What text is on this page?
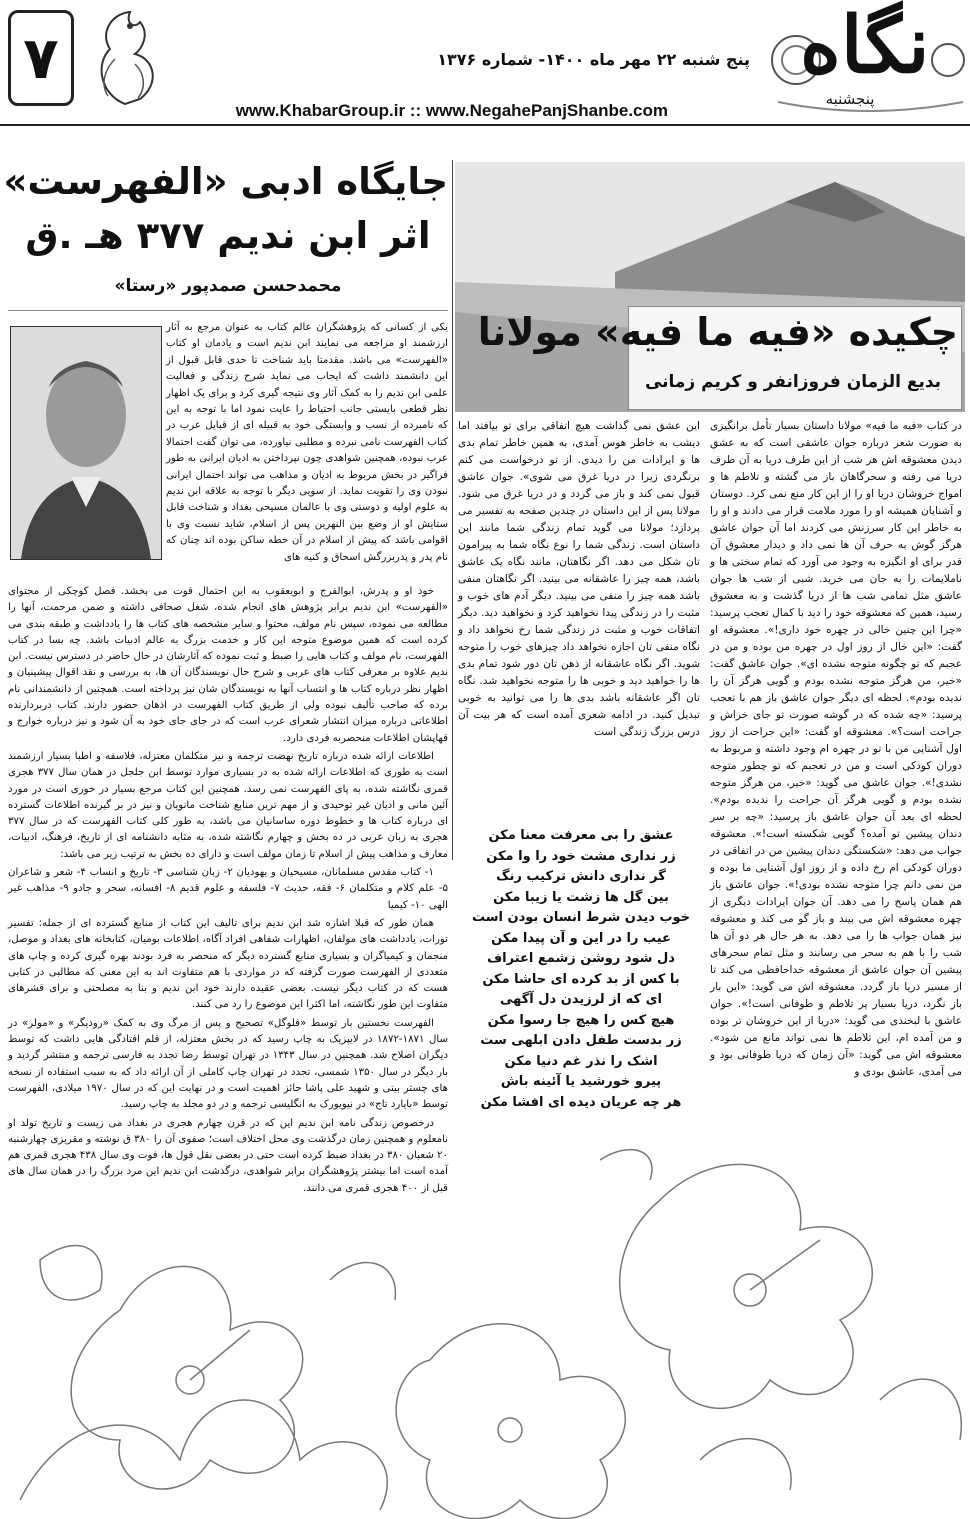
۷	پنج شنبه ۲۲ مهر ماه ۱۴۰۰- شماره ۱۳۷۶
www.KhabarGroup.ir :: www.NegahePanjShanbe.com
نگاه
پنجشنبه
چکیده «فیه ما فیه» مولانا
بدیع الزمان فروزانفر و کریم زمانی
در کتاب «فیه ما فیه» مولانا داستان بسیار تأمل برانگیزی به صورت شعر درباره جوان عاشقی است که به عشق دیدن معشوقه اش هر شب از این طرف دریا به آن طرف دریا می رفته و سحرگاهان باز می گشته و تلاطم ها و امواج خروشان دریا او را از این کار منع نمی کرد. دوستان و آشنایان همیشه او را مورد ملامت قرار می دادند و او را به خاطر این کار سرزنش می کردند اما آن جوان عاشق هرگز گوش به حرف آن ها نمی داد و دیدار معشوق آن قدر برای او انگیزه به وجود می آورد که تمام سختی ها و ناملایمات را به جان می خرید. شبی از شب ها جوان عاشق مثل تمامی شب ها از دریا گذشت و به معشوق رسید، همین که معشوقه خود را دید با کمال تعجب پرسید: «چرا این چنین خالی در چهره خود داری!». معشوقه او گفت: «این خال از روز اول در چهره من بوده و من در عجبم که تو چگونه متوجه نشده ای». جوان عاشق گفت: «خیر، من هرگز متوجه نشده بودم و گویی هرگز آن را ندیده بودم». لحظه ای دیگر جوان عاشق باز هم با تعجب پرسید: «چه شده که در گوشه صورت تو جای خراش و جراحت است؟». معشوقه او گفت: «این جراحت از روز اول آشنایی من با تو در چهره ام وجود داشته و مربوط به دوران کودکی است و من در تعجبم که تو چطور متوجه نشدی!». جوان عاشق می گوید: «خیر، من هرگز متوجه نشده بودم و گویی هرگز آن جراحت را ندیده بودم». لحظه ای بعد آن جوان عاشق باز پرسید: «چه بر سر دندان پیشین تو آمده؟ گویی شکسته است!». معشوقه جواب می دهد: «شکستگی دندان پیشین من در اتفاقی در دوران کودکی ام رخ داده و از روز اول آشنایی ما بوده و من نمی دانم چرا متوجه نشده بودی!». جوان عاشق باز هم همان پاسخ را می دهد. آن جوان ایرادات دیگری از چهره معشوقه اش می بیند و باز گو می کند و معشوقه نیز همان جواب ها را می دهد. به هر حال هر دو آن ها شب را با هم به سحر می رسانند و مثل تمام سحرهای پیشین آن جوان عاشق از معشوقه خداحافظی می کند تا از مسیر دریا باز گردد. معشوقه اش می گوید: «این بار باز نگرد، دریا بسیار پر تلاطم و طوفانی است!». جوان عاشق با لبخندی می گوید: «دریا از این خروشان تر بوده و من آمده ام، این تلاطم ها نمی تواند مانع من شود». معشوقه اش می گوید: «آن زمان که دریا طوفانی بود و می آمدی، عاشق بودی و
این عشق نمی گذاشت هیچ اتفاقی برای تو بیافتد اما دیشب به خاطر هوس آمدی، به همین خاطر تمام بدی ها و ایرادات من را دیدی. از تو درخواست می کنم برنگردی زیرا در دریا غرق می شوی». جوان عاشق قبول نمی کند و باز می گردد و در دریا غرق می شود. مولانا پس از این داستان در چندین صفحه به تفسیر می پردازد؛ مولانا می گوید تمام زندگی شما مانند این داستان است. زندگی شما را نوع نگاه شما به پیرامون تان شکل می دهد. اگر نگاهتان، مانند نگاه یک عاشق باشد، همه چیز را عاشقانه می بینید. اگر نگاهتان منفی باشد همه چیز را منفی می بینید. دیگر آدم های خوب و مثبت را در زندگی پیدا نخواهید کرد و نخواهید دید. دیگر اتفاقات خوب و مثبت در زندگی شما رخ نخواهد داد و نگاه منفی تان اجازه نخواهد داد چیزهای خوب را متوجه شوید. اگر نگاه عاشقانه از ذهن تان دور شود تمام بدی ها را خواهید دید و خوبی ها را متوجه نخواهید شد. نگاه تان اگر عاشقانه باشد بدی ها را می توانید به خوبی تبدیل کنید. در ادامه شعری آمده است که هر بیت آن درس بزرگ زندگی است
عشق را بی معرفت معنا مکن
زر نداری مشت خود را وا مکن
گر نداری دانش ترکیب رنگ
بین گل ها زشت یا زیبا مکن
خوب دیدن شرط انسان بودن است
عیب را در این و آن پیدا مکن
دل شود روشن زشمع اعتراف
با کس از بد کرده ای حاشا مکن
ای که از لرزیدن دل آگهی
هیچ کس را هیچ جا رسوا مکن
زر بدست طفل دادن ابلهی ست
اشک را نذر غم دنیا مکن
پیرو خورشید یا آئینه باش
هر چه عریان دیده ای افشا مکن
جایگاه ادبی «الفهرست»
اثر ابن ندیم ۳۷۷ هـ .ق
محمدحسن صمدپور «رستا»
یکی از کسانی که پژوهشگران عالم کتاب به عنوان مرجع به آثار ارزشمند او مراجعه می نمایند ابن ندیم است و یادمان او کتاب «الفهرست» می باشد. مقدمتا باید شناخت تا حدی قابل قبول از این دانشمند داشت که ایجاب می نماید شرح زندگی و فعالیت علمی ابن ندیم را به کمک آثار وی نتیجه گیری کرد و برای یک اظهار نظر قطعی بایستی جانب احتیاط را عایت نمود اما با توجه به این که نامبرده از نسب و وابستگی خود به قبیله ای از قبایل عرب در کتاب الفهرست نامی نبرده و مطلبی نیاورده، می توان گفت احتمالا عرب نبوده، همچنین شواهدی چون نپرداختن به ادیان ایرانی به طور فراگیر در بخش مربوط به ادیان و مذاهب می تواند احتمال ایرانی نبودن وی را تقویت نماید. از سویی دیگر با توجه به علاقه ابن ندیم به علوم اولیه و دوستی وی با عالمان مسیحی بغداد و شناخت قابل ستایش او از وضع بین النهرین پس از اسلام، شاید نسبت وی با اقوامی باشد که پیش از اسلام در آن خطه ساکن بوده اند چنان که نام پدر و پدربزرگش اسحاق و کنیه های

خود او و پدرش، ابوالفرج و ابویعقوب به این احتمال قوت می بخشد. فصل کوچکی از محتوای «الفهرست» ابن ندیم برابر پژوهش های انجام شده، شغل صحافی داشته و ضمن مرحمت، آنها را مطالعه می نموده، سپس نام مولف، محتوا و سایر مشخصه های کتاب ها را یادداشت و طبقه بندی می کرده است که همین موضوع متوجه این کار و خدمت بزرگ به عالم ادبیات باشد. چه بسا در کتاب الفهرست، نام مولف و کتاب هایی را ضبط و ثبت نموده که آثارشان در حال حاضر در دسترس نیست. ابن ندیم علاوه بر معرفی کتاب های عربی و شرح حال نویسندگان آن ها، به بررسی و نقد اقوال پیشینیان و اظهار نظر درباره کتاب ها و انتساب آنها به نویسندگان شان نیز پرداخته است. همچنین از دانشمندانی نام برده که صاحب تألیف نبوده ولی از طریق کتاب الفهرست در اذهان حضور دارند. کتاب دربردارنده اطلاعاتی درباره میزان انتشار شعرای عرب است که در جای جای خود به آن شود و نیز درباره خوارج و قهاپشان اطلاعات منحصربه فردی دارد.

اطلاعات ارائه شده درباره تاریخ نهضت ترجمه و نیز متکلمان معتزله، فلاسفه و اطبا بسیار ارزشمند است به طوری که اطلاعات ارائه شده به در بسیاری موارد توسط ابن جلجل در همان سال ۳۷۷ هجری قمری نگاشته شده، به پای الفهرست نمی رسد. همچنین این کتاب مرجع بسیار در خوری است در مورد آئین مانی و ادیان غیر توحیدی و از مهم ترین منابع شناخت مانویان و نیز در بر گیرنده اطلاعات گسترده ای درباره کتاب ها و خطوط دوره ساسانیان می باشد، به طور کلی کتاب الفهرست که در سال ۳۷۷ هجری به زبان عربی در ده بخش و چهارم نگاشته شده، به مثابه دانشنامه ای از تاریخ، فرهنگ، ادبیات، معارف و مذاهب پیش از اسلام تا زمان مولف است و دارای ده بخش به ترتیب زیر می باشد:

۱- کتاب مقدس مسلمانان، مسیحیان و یهودیان ۲- زبان شناسی ۳- تاریخ و انساب ۴- شعر و شاعران ۵- علم کلام و متکلمان ۶- فقه، حدیث ۷- فلسفه و علوم قدیم ۸- افسانه، سحر و جادو ۹- مذاهب غیر الهی ۱۰- کیمیا

همان طور که قبلا اشاره شد ابن ندیم برای تالیف این کتاب از منابع گسترده ای از جمله: تفسیر تورات، یادداشت های مولفان، اظهارات شفاهی افراد آگاه، اطلاعات بومیان، کتابخانه های بغداد و موصل، منجمان و کیمیاگران و بسیاری منابع گسترده دیگر که منحصر به فرد بودند بهره گیری کرده و چاپ های متعددی از الفهرست صورت گرفته که در مواردی با هم متفاوت اند به این معنی که مطالبی در کتابی هست که در کتاب دیگر نیست. بعضی عقیده دارند خود ابن ندیم و بنا به مصلحتی و برای قشرهای متفاوت این طور نگاشته، اما اکثرا این موضوع را رد می کنند.

الفهرست نخستین بار توسط «فلوگل» تصحیح و پس از مرگ وی به کمک «رودیگر» و «مولر» در سال ۱۸۷۱-۱۸۷۲ در لایپزیک به چاپ رسید که در بخش معتزله، از قلم افتادگی هایی داشت که توسط دیگران اصلاح شد. همچنین در سال ۱۳۴۳ در تهران توسط رضا تجدد به فارسی ترجمه و منتشر گردید و بار دیگر در سال ۱۳۵۰ شمسی، تجدد در تهران چاپ کاملی از آن ارائه داد که به سبب استفاده از نسخه های چستر بیتی و شهید علی پاشا حائز اهمیت است و در نهایت این که در سال ۱۹۷۰ میلادی، الفهرست توسط «بایارد تاج» در نیویورک به انگلیسی ترجمه و در دو مجلد به چاپ رسید.

درخصوص زندگی نامه ابن ندیم این که در قرن چهارم هجری در بغداد می زیست و تاریخ تولد او نامعلوم و همچنین زمان درگذشت وی محل اختلاف است؛ صفوی آن را ۳۸۰ ق نوشته و مقریزی چهارشنبه ۲۰ شعبان ۳۸۰ در بغداد ضبط کرده است حتی در بعضی نقل قول ها، فوت وی سال ۴۳۸ هجری قمری هم آمده است اما بیشتر پژوهشگران برابر شواهدی، درگذشت ابن ندیم این مرد بزرگ را در همان سال های قبل از ۴۰۰ هجری قمری می دانند.
